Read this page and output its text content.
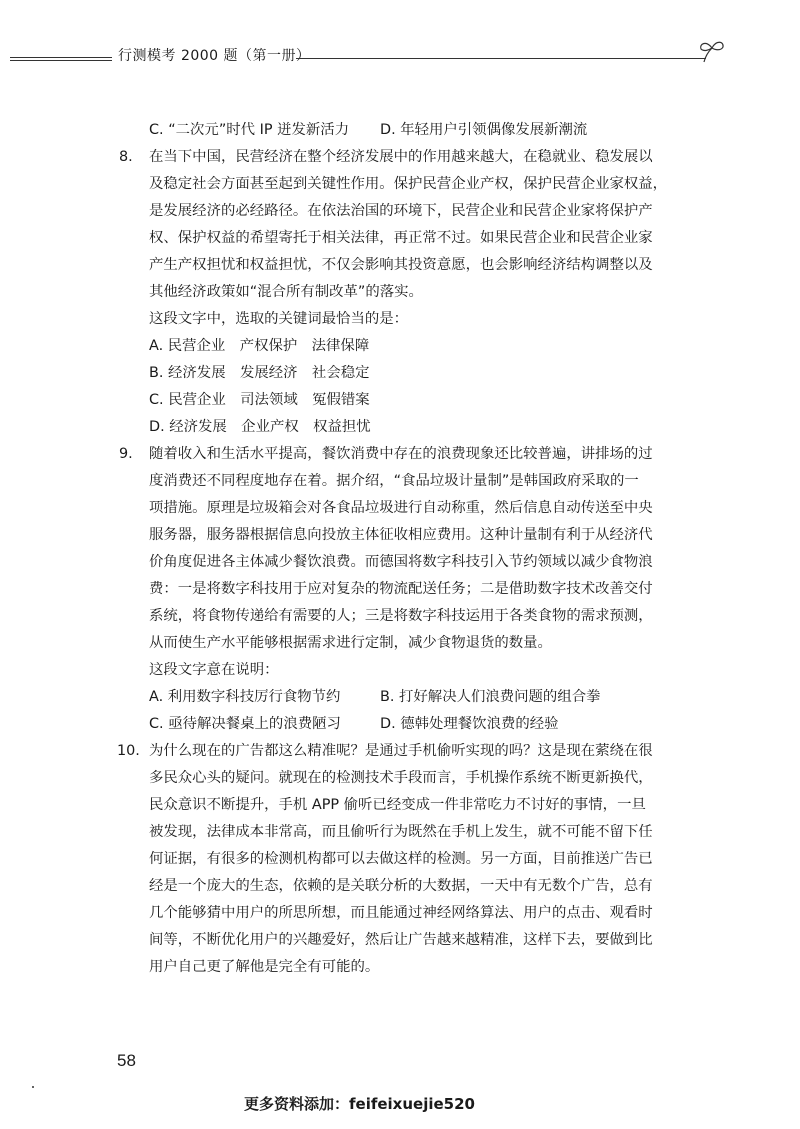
行测模考 2000 题（第一册）
C. “二次元”时代 IP 迸发新活力	D. 年轻用户引领偶像发展新潮流
8.	在当下中国，民营经济在整个经济发展中的作用越来越大，在稳就业、稳发展以
及稳定社会方面甚至起到关键性作用。保护民营企业产权，保护民营企业家权益，
是发展经济的必经路径。在依法治国的环境下，民营企业和民营企业家将保护产
权、保护权益的希望寄托于相关法律，再正常不过。如果民营企业和民营企业家
产生产权担忧和权益担忧，不仅会影响其投资意愿，也会影响经济结构调整以及
其他经济政策如“混合所有制改革”的落实。
这段文字中，选取的关键词最恰当的是：
A. 民营企业　产权保护　法律保障
B. 经济发展　发展经济　社会稳定
C. 民营企业　司法领域　冤假错案
D. 经济发展　企业产权　权益担忧
9.	随着收入和生活水平提高，餐饮消费中存在的浪费现象还比较普遍，讲排场的过
度消费还不同程度地存在着。据介绍，“食品垃圾计量制”是韩国政府采取的一
项措施。原理是垃圾箱会对各食品垃圾进行自动称重，然后信息自动传送至中央
服务器，服务器根据信息向投放主体征收相应费用。这种计量制有利于从经济代
价角度促进各主体减少餐饮浪费。而德国将数字科技引入节约领域以减少食物浪
费：一是将数字科技用于应对复杂的物流配送任务；二是借助数字技术改善交付
系统，将食物传递给有需要的人；三是将数字科技运用于各类食物的需求预测，
从而使生产水平能够根据需求进行定制，减少食物退货的数量。
这段文字意在说明：
A. 利用数字科技厉行食物节约	B. 打好解决人们浪费问题的组合拳
C. 亟待解决餐桌上的浪费陋习	D. 德韩处理餐饮浪费的经验
10. 为什么现在的广告都这么精准呢？是通过手机偷听实现的吗？这是现在萦绕在很
多民众心头的疑问。就现在的检测技术手段而言，手机操作系统不断更新换代，
民众意识不断提升，手机 APP 偷听已经变成一件非常吃力不讨好的事情，一旦
被发现，法律成本非常高，而且偷听行为既然在手机上发生，就不可能不留下任
何证据，有很多的检测机构都可以去做这样的检测。另一方面，目前推送广告已
经是一个庞大的生态，依赖的是关联分析的大数据，一天中有无数个广告，总有
几个能够猜中用户的所思所想，而且能通过神经网络算法、用户的点击、观看时
间等，不断优化用户的兴趣爱好，然后让广告越来越精准，这样下去，要做到比
用户自己更了解他是完全有可能的。
58
更多资料添加：feifeixuejie520
